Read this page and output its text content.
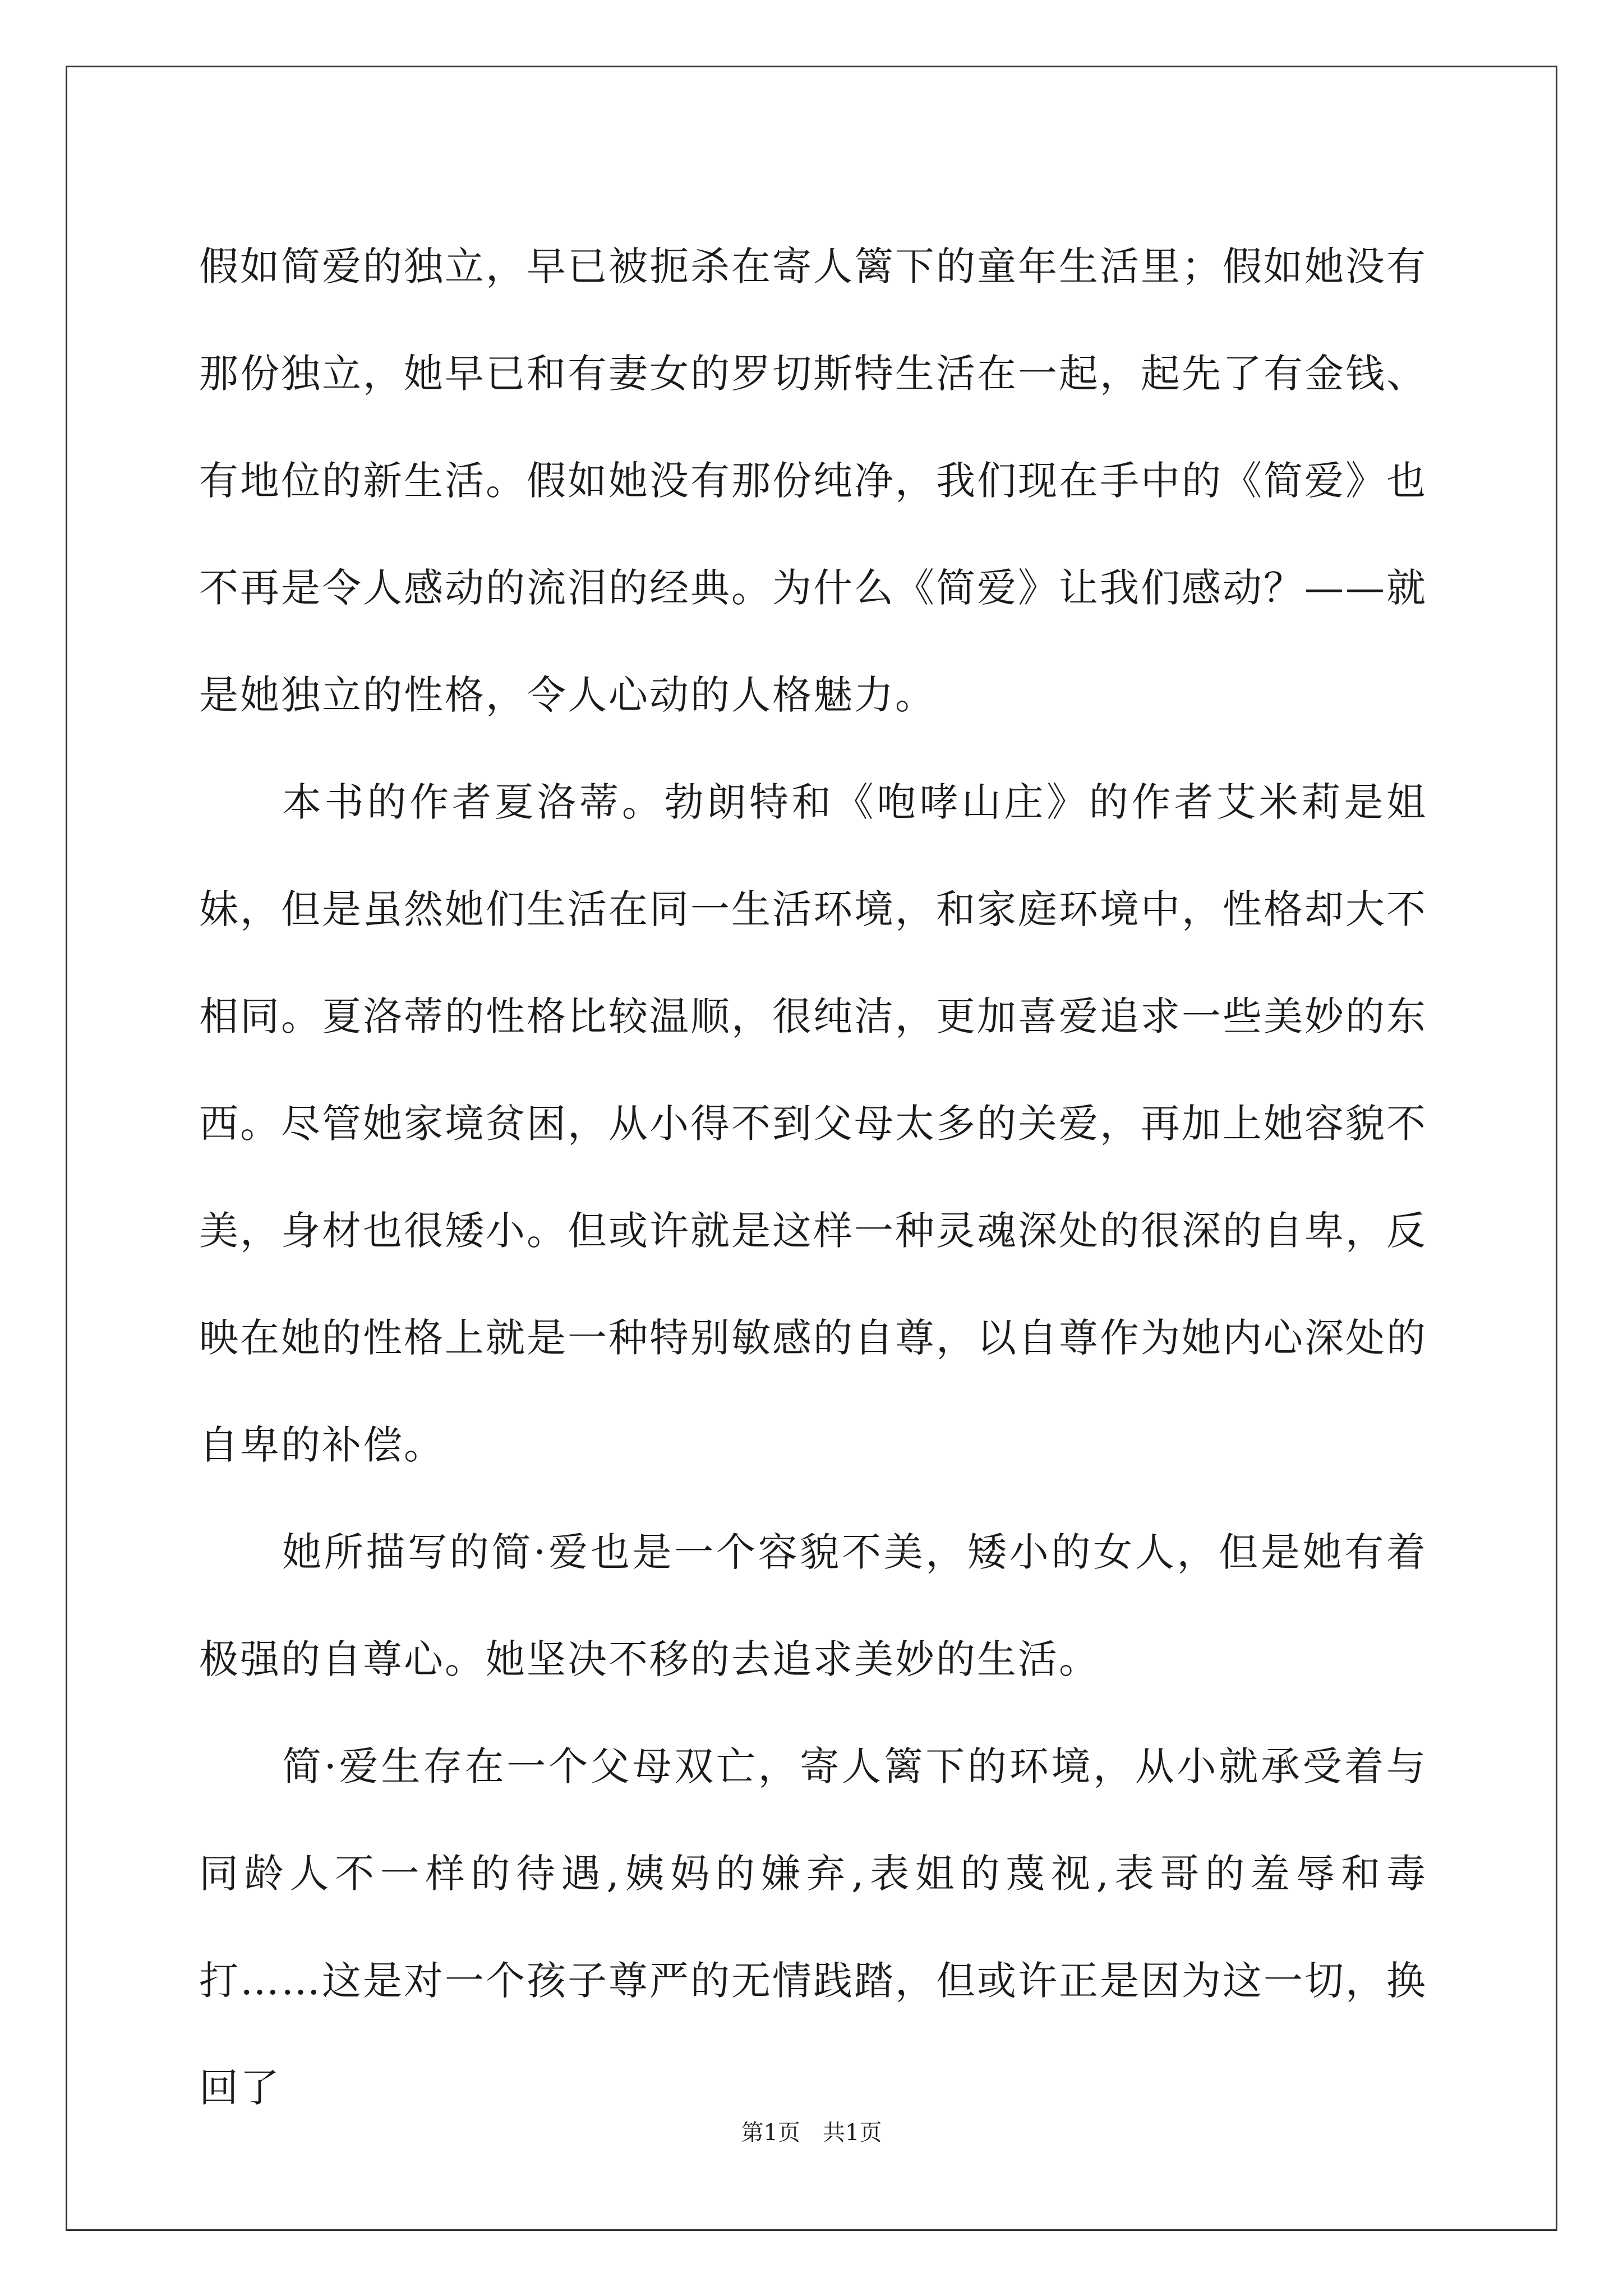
假如简爱的独立，早已被扼杀在寄人篱下的童年生活里；假如她没有那份独立，她早已和有妻女的罗切斯特生活在一起，起先了有金钱、有地位的新生活。假如她没有那份纯净，我们现在手中的《简爱》也不再是令人感动的流泪的经典。为什么《简爱》让我们感动？——就是她独立的性格，令人心动的人格魅力。

本书的作者夏洛蒂。勃朗特和《咆哮山庄》的作者艾米莉是姐妹，但是虽然她们生活在同一生活环境，和家庭环境中，性格却大不相同。夏洛蒂的性格比较温顺，很纯洁，更加喜爱追求一些美妙的东西。尽管她家境贫困，从小得不到父母太多的关爱，再加上她容貌不美，身材也很矮小。但或许就是这样一种灵魂深处的很深的自卑，反映在她的性格上就是一种特别敏感的自尊，以自尊作为她内心深处的自卑的补偿。

她所描写的简·爱也是一个容貌不美，矮小的女人，但是她有着极强的自尊心。她坚决不移的去追求美妙的生活。

简·爱生存在一个父母双亡，寄人篱下的环境，从小就承受着与同龄人不一样的待遇,姨妈的嫌弃,表姐的蔑视,表哥的羞辱和毒打……这是对一个孩子尊严的无情践踏，但或许正是因为这一切，换回了

第1页　共1页
